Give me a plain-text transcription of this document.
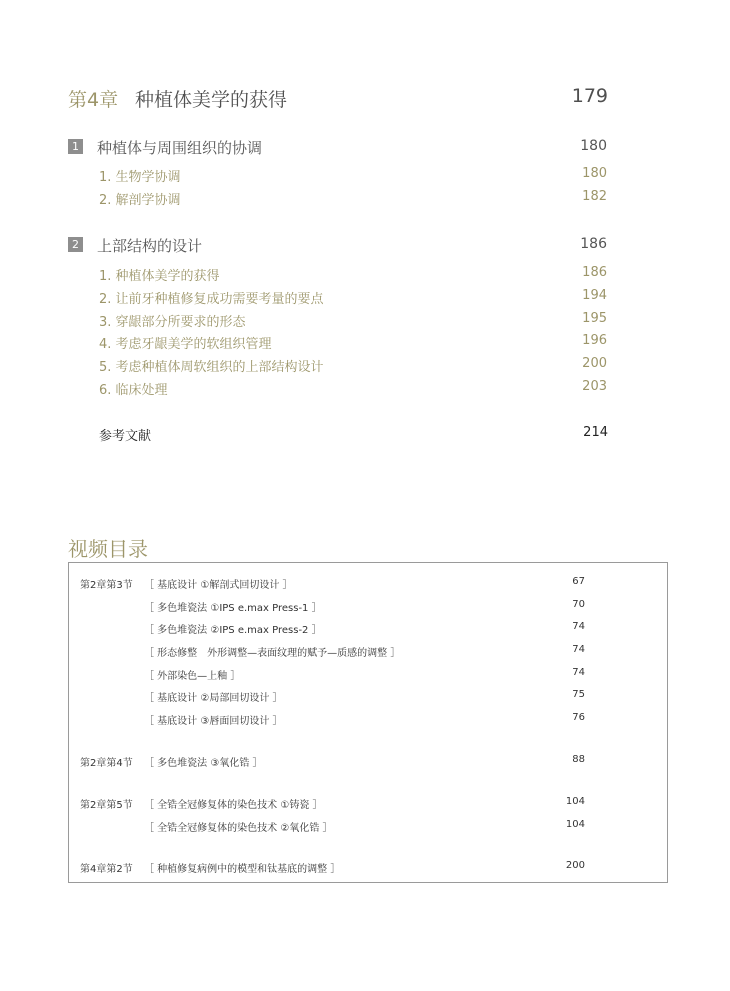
第4章 种植体美学的获得	179
1 种植体与周围组织的协调	180
1. 生物学协调	180
2. 解剖学协调	182
2 上部结构的设计	186
1. 种植体美学的获得	186
2. 让前牙种植修复成功需要考量的要点	194
3. 穿龈部分所要求的形态	195
4. 考虑牙龈美学的软组织管理	196
5. 考虑种植体周软组织的上部结构设计	200
6. 临床处理	203
参考文献	214
视频目录
第2章第3节 ［ 基底设计 ①解剖式回切设计 ］	67
［ 多色堆瓷法 ①IPS e.max Press-1 ］	70
［ 多色堆瓷法 ②IPS e.max Press-2 ］	74
［ 形态修整　外形调整—表面纹理的赋予—质感的调整 ］	74
［ 外部染色—上釉 ］	74
［ 基底设计 ②局部回切设计 ］	75
［ 基底设计 ③唇面回切设计 ］	76
第2章第4节 ［ 多色堆瓷法 ③氧化锆 ］	88
第2章第5节 ［ 全锆全冠修复体的染色技术 ①铸瓷 ］	104
［ 全锆全冠修复体的染色技术 ②氧化锆 ］	104
第4章第2节 ［ 种植修复病例中的模型和钛基底的调整 ］	200
